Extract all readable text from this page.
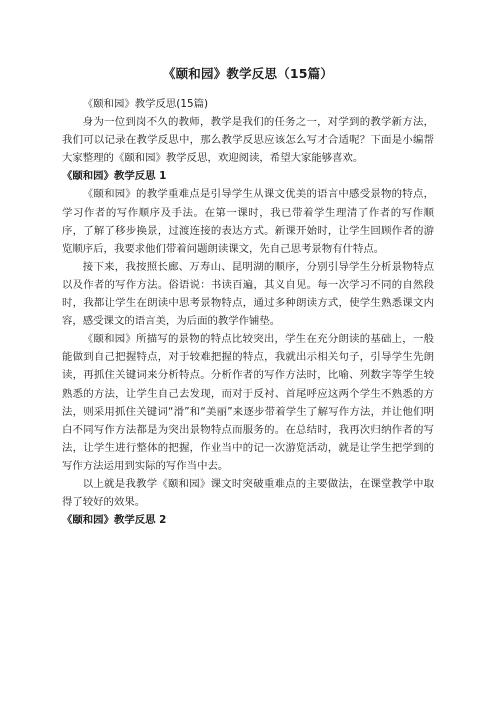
《颐和园》教学反思（15篇）

《颐和园》教学反思(15篇)

身为一位到岗不久的教师，教学是我们的任务之一，对学到的教学新方法，我们可以记录在教学反思中，那么教学反思应该怎么写才合适呢？下面是小编帮大家整理的《颐和园》教学反思，欢迎阅读，希望大家能够喜欢。

《颐和园》教学反思 1

《颐和园》的教学重难点是引导学生从课文优美的语言中感受景物的特点，学习作者的写作顺序及手法。在第一课时，我已带着学生理清了作者的写作顺序，了解了移步换景，过渡连接的表达方式。新课开始时，让学生回顾作者的游览顺序后，我要求他们带着问题朗读课文，先自己思考景物有什特点。

接下来，我按照长廊、万寿山、昆明湖的顺序，分别引导学生分析景物特点以及作者的写作方法。俗语说：书读百遍，其义自见。每一次学习不同的自然段时，我都让学生在朗读中思考景物特点，通过多种朗读方式，使学生熟悉课文内容，感受课文的语言美，为后面的教学作铺垫。

《颐和园》所描写的景物的特点比较突出，学生在充分朗读的基础上，一般能做到自己把握特点，对于较难把握的特点，我就出示相关句子，引导学生先朗读，再抓住关键词来分析特点。分析作者的写作方法时，比喻、列数字等学生较熟悉的方法，让学生自己去发现，而对于反衬、首尾呼应这两个学生不熟悉的方法，则采用抓住关键词“滑”和“美丽”来逐步带着学生了解写作方法，并让他们明白不同写作方法都是为突出景物特点而服务的。在总结时，我再次归纳作者的写法，让学生进行整体的把握，作业当中的记一次游览活动，就是让学生把学到的写作方法运用到实际的写作当中去。

以上就是我教学《颐和园》课文时突破重难点的主要做法，在课堂教学中取得了较好的效果。

《颐和园》教学反思 2
